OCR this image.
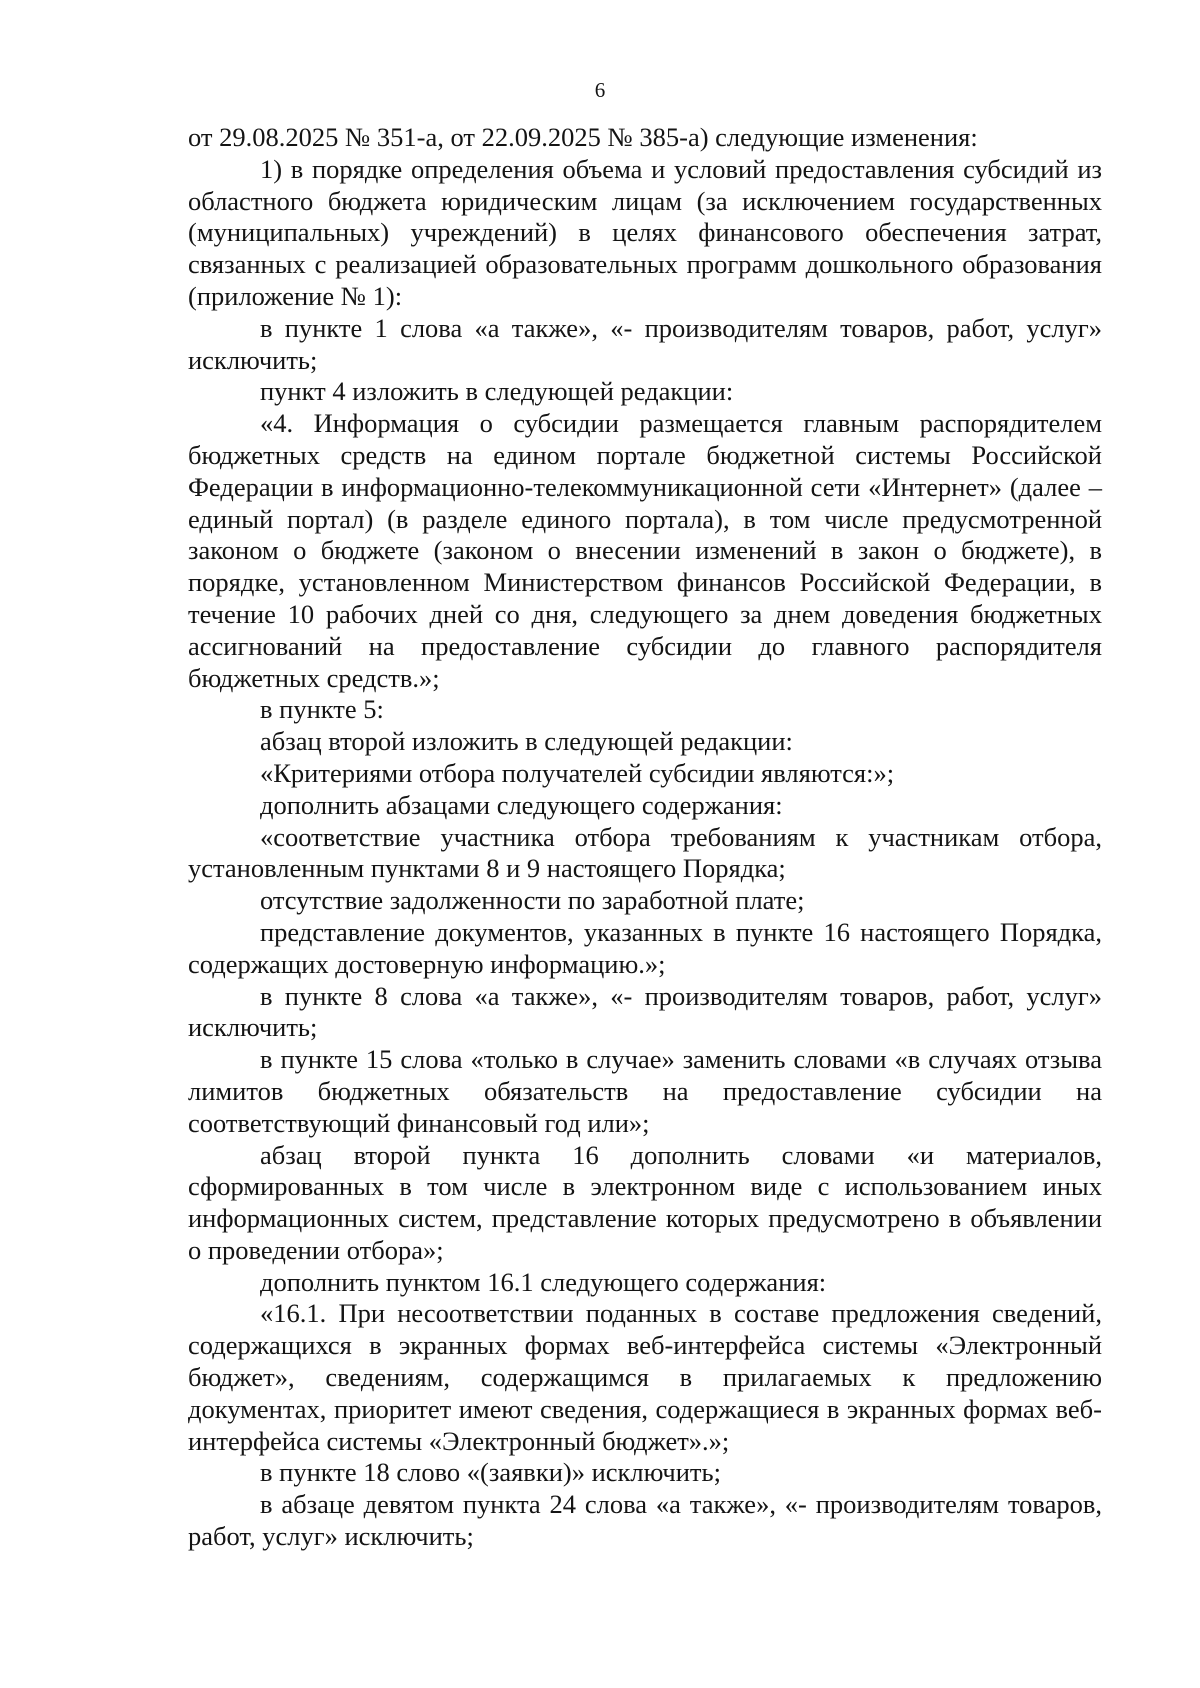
6

от 29.08.2025 № 351-а, от 22.09.2025 № 385-а) следующие изменения:

1) в порядке определения объема и условий предоставления субсидий из областного бюджета юридическим лицам (за исключением государственных (муниципальных) учреждений) в целях финансового обеспечения затрат, связанных с реализацией образовательных программ дошкольного образования (приложение № 1):

в пункте 1 слова «а также», «- производителям товаров, работ, услуг» исключить;

пункт 4 изложить в следующей редакции:

«4. Информация о субсидии размещается главным распорядителем бюджетных средств на едином портале бюджетной системы Российской Федерации в информационно-телекоммуникационной сети «Интернет» (далее – единый портал) (в разделе единого портала), в том числе предусмотренной законом о бюджете (законом о внесении изменений в закон о бюджете), в порядке, установленном Министерством финансов Российской Федерации, в течение 10 рабочих дней со дня, следующего за днем доведения бюджетных ассигнований на предоставление субсидии до главного распорядителя бюджетных средств.»;

в пункте 5:

абзац второй изложить в следующей редакции:

«Критериями отбора получателей субсидии являются:»;

дополнить абзацами следующего содержания:

«соответствие участника отбора требованиям к участникам отбора, установленным пунктами 8 и 9 настоящего Порядка;

отсутствие задолженности по заработной плате;

представление документов, указанных в пункте 16 настоящего Порядка, содержащих достоверную информацию.»;

в пункте 8 слова «а также», «- производителям товаров, работ, услуг» исключить;

в пункте 15 слова «только в случае» заменить словами «в случаях отзыва лимитов бюджетных обязательств на предоставление субсидии на соответствующий финансовый год или»;

абзац второй пункта 16 дополнить словами «и материалов, сформированных в том числе в электронном виде с использованием иных информационных систем, представление которых предусмотрено в объявлении о проведении отбора»;

дополнить пунктом 16.1 следующего содержания:

«16.1. При несоответствии поданных в составе предложения сведений, содержащихся в экранных формах веб-интерфейса системы «Электронный бюджет», сведениям, содержащимся в прилагаемых к предложению документах, приоритет имеют сведения, содержащиеся в экранных формах веб-интерфейса системы «Электронный бюджет».»;

в пункте 18 слово «(заявки)» исключить;

в абзаце девятом пункта 24 слова «а также», «- производителям товаров, работ, услуг» исключить;
